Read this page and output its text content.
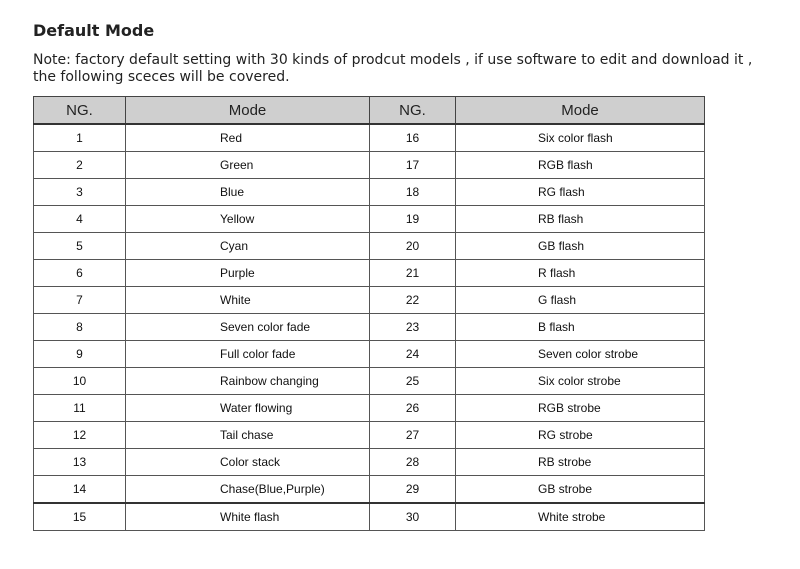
Default Mode
Note: factory default setting with 30 kinds of prodcut models , if use software to edit and download it ,
the following sceces will be covered.
NG.	Mode	NG.	Mode
1	Red	16	Six color flash
2	Green	17	RGB flash
3	Blue	18	RG flash
4	Yellow	19	RB flash
5	Cyan	20	GB flash
6	Purple	21	R flash
7	White	22	G flash
8	Seven color fade	23	B flash
9	Full color fade	24	Seven color strobe
10	Rainbow changing	25	Six color strobe
11	Water flowing	26	RGB strobe
12	Tail chase	27	RG strobe
13	Color stack	28	RB strobe
14	Chase(Blue,Purple)	29	GB strobe
15	White flash	30	White strobe
